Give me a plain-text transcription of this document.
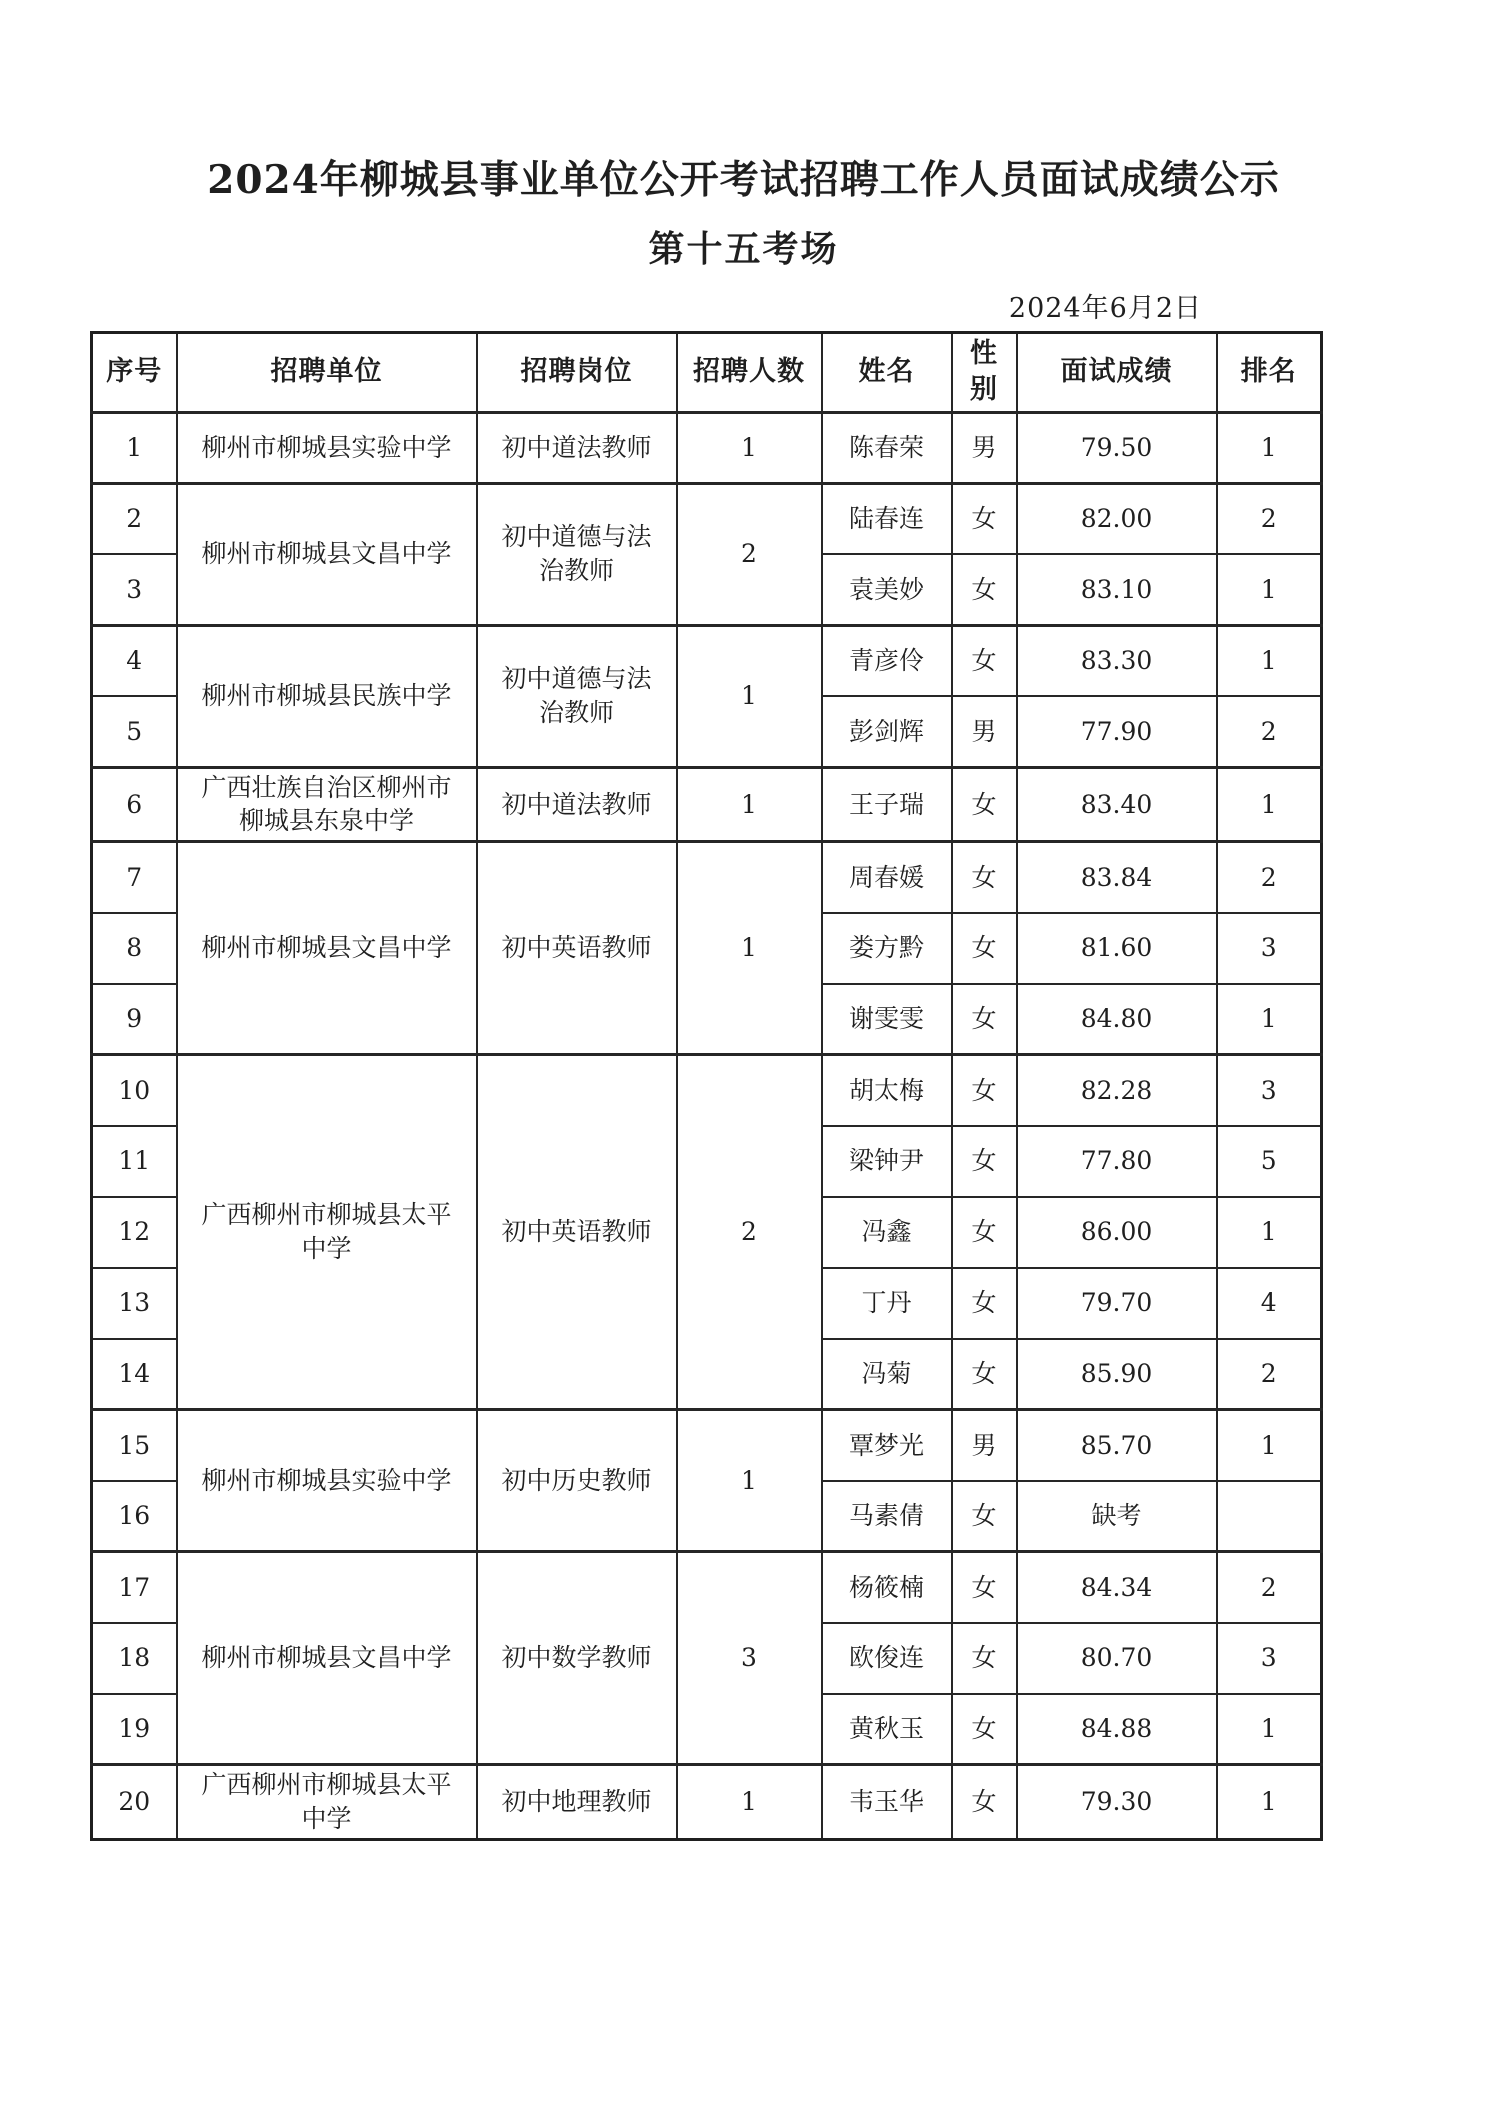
2024年柳城县事业单位公开考试招聘工作人员面试成绩公示
第十五考场
2024年6月2日
序号	招聘单位	招聘岗位	招聘人数	姓名	性别	面试成绩	排名
1	柳州市柳城县实验中学	初中道法教师	1	陈春荣	男	79.50	1
2	柳州市柳城县文昌中学	初中道德与法治教师	2	陆春连	女	82.00	2
3				袁美妙	女	83.10	1
4	柳州市柳城县民族中学	初中道德与法治教师	1	青彦伶	女	83.30	1
5				彭剑辉	男	77.90	2
6	广西壮族自治区柳州市柳城县东泉中学	初中道法教师	1	王子瑞	女	83.40	1
7	柳州市柳城县文昌中学	初中英语教师	1	周春媛	女	83.84	2
8				娄方黔	女	81.60	3
9				谢雯雯	女	84.80	1
10	广西柳州市柳城县太平中学	初中英语教师	2	胡太梅	女	82.28	3
11				梁钟尹	女	77.80	5
12				冯鑫	女	86.00	1
13				丁丹	女	79.70	4
14				冯菊	女	85.90	2
15	柳州市柳城县实验中学	初中历史教师	1	覃梦光	男	85.70	1
16				马素倩	女	缺考	
17	柳州市柳城县文昌中学	初中数学教师	3	杨筱楠	女	84.34	2
18				欧俊连	女	80.70	3
19				黄秋玉	女	84.88	1
20	广西柳州市柳城县太平中学	初中地理教师	1	韦玉华	女	79.30	1
